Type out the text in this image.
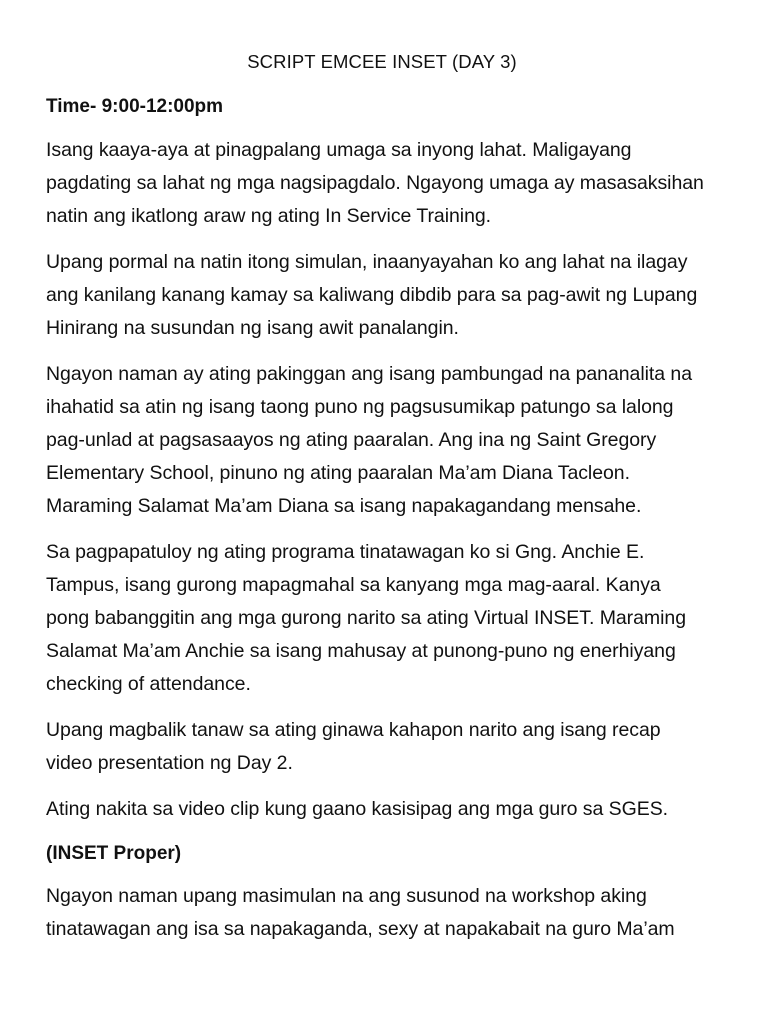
SCRIPT EMCEE INSET (DAY 3)
Time- 9:00-12:00pm

Isang kaaya-aya at pinagpalang umaga sa inyong lahat. Maligayang pagdating sa lahat ng mga nagsipagdalo. Ngayong umaga ay masasaksihan natin ang ikatlong araw ng ating In Service Training.

Upang pormal na natin itong simulan, inaanyayahan ko ang lahat na ilagay ang kanilang kanang kamay sa kaliwang dibdib para sa pag-awit ng Lupang Hinirang na susundan ng isang awit panalangin.

Ngayon naman ay ating pakinggan ang isang pambungad na pananalita na ihahatid sa atin ng isang taong puno ng pagsusumikap patungo sa lalong pag-unlad at pagsasaayos ng ating paaralan. Ang ina ng Saint Gregory Elementary School, pinuno ng ating paaralan Ma’am Diana Tacleon. Maraming Salamat Ma’am Diana sa isang napakagandang mensahe.

Sa pagpapatuloy ng ating programa tinatawagan ko si Gng. Anchie E. Tampus, isang gurong mapagmahal sa kanyang mga mag-aaral. Kanya pong babanggitin ang mga gurong narito sa ating Virtual INSET. Maraming Salamat Ma’am Anchie sa isang mahusay at punong-puno ng enerhiyang checking of attendance.

Upang magbalik tanaw sa ating ginawa kahapon narito ang isang recap video presentation ng Day 2.

Ating nakita sa video clip kung gaano kasisipag ang mga guro sa SGES.

(INSET Proper)

Ngayon naman upang masimulan na ang susunod na workshop aking tinatawagan ang isa sa napakaganda, sexy at napakabait na guro Ma’am
